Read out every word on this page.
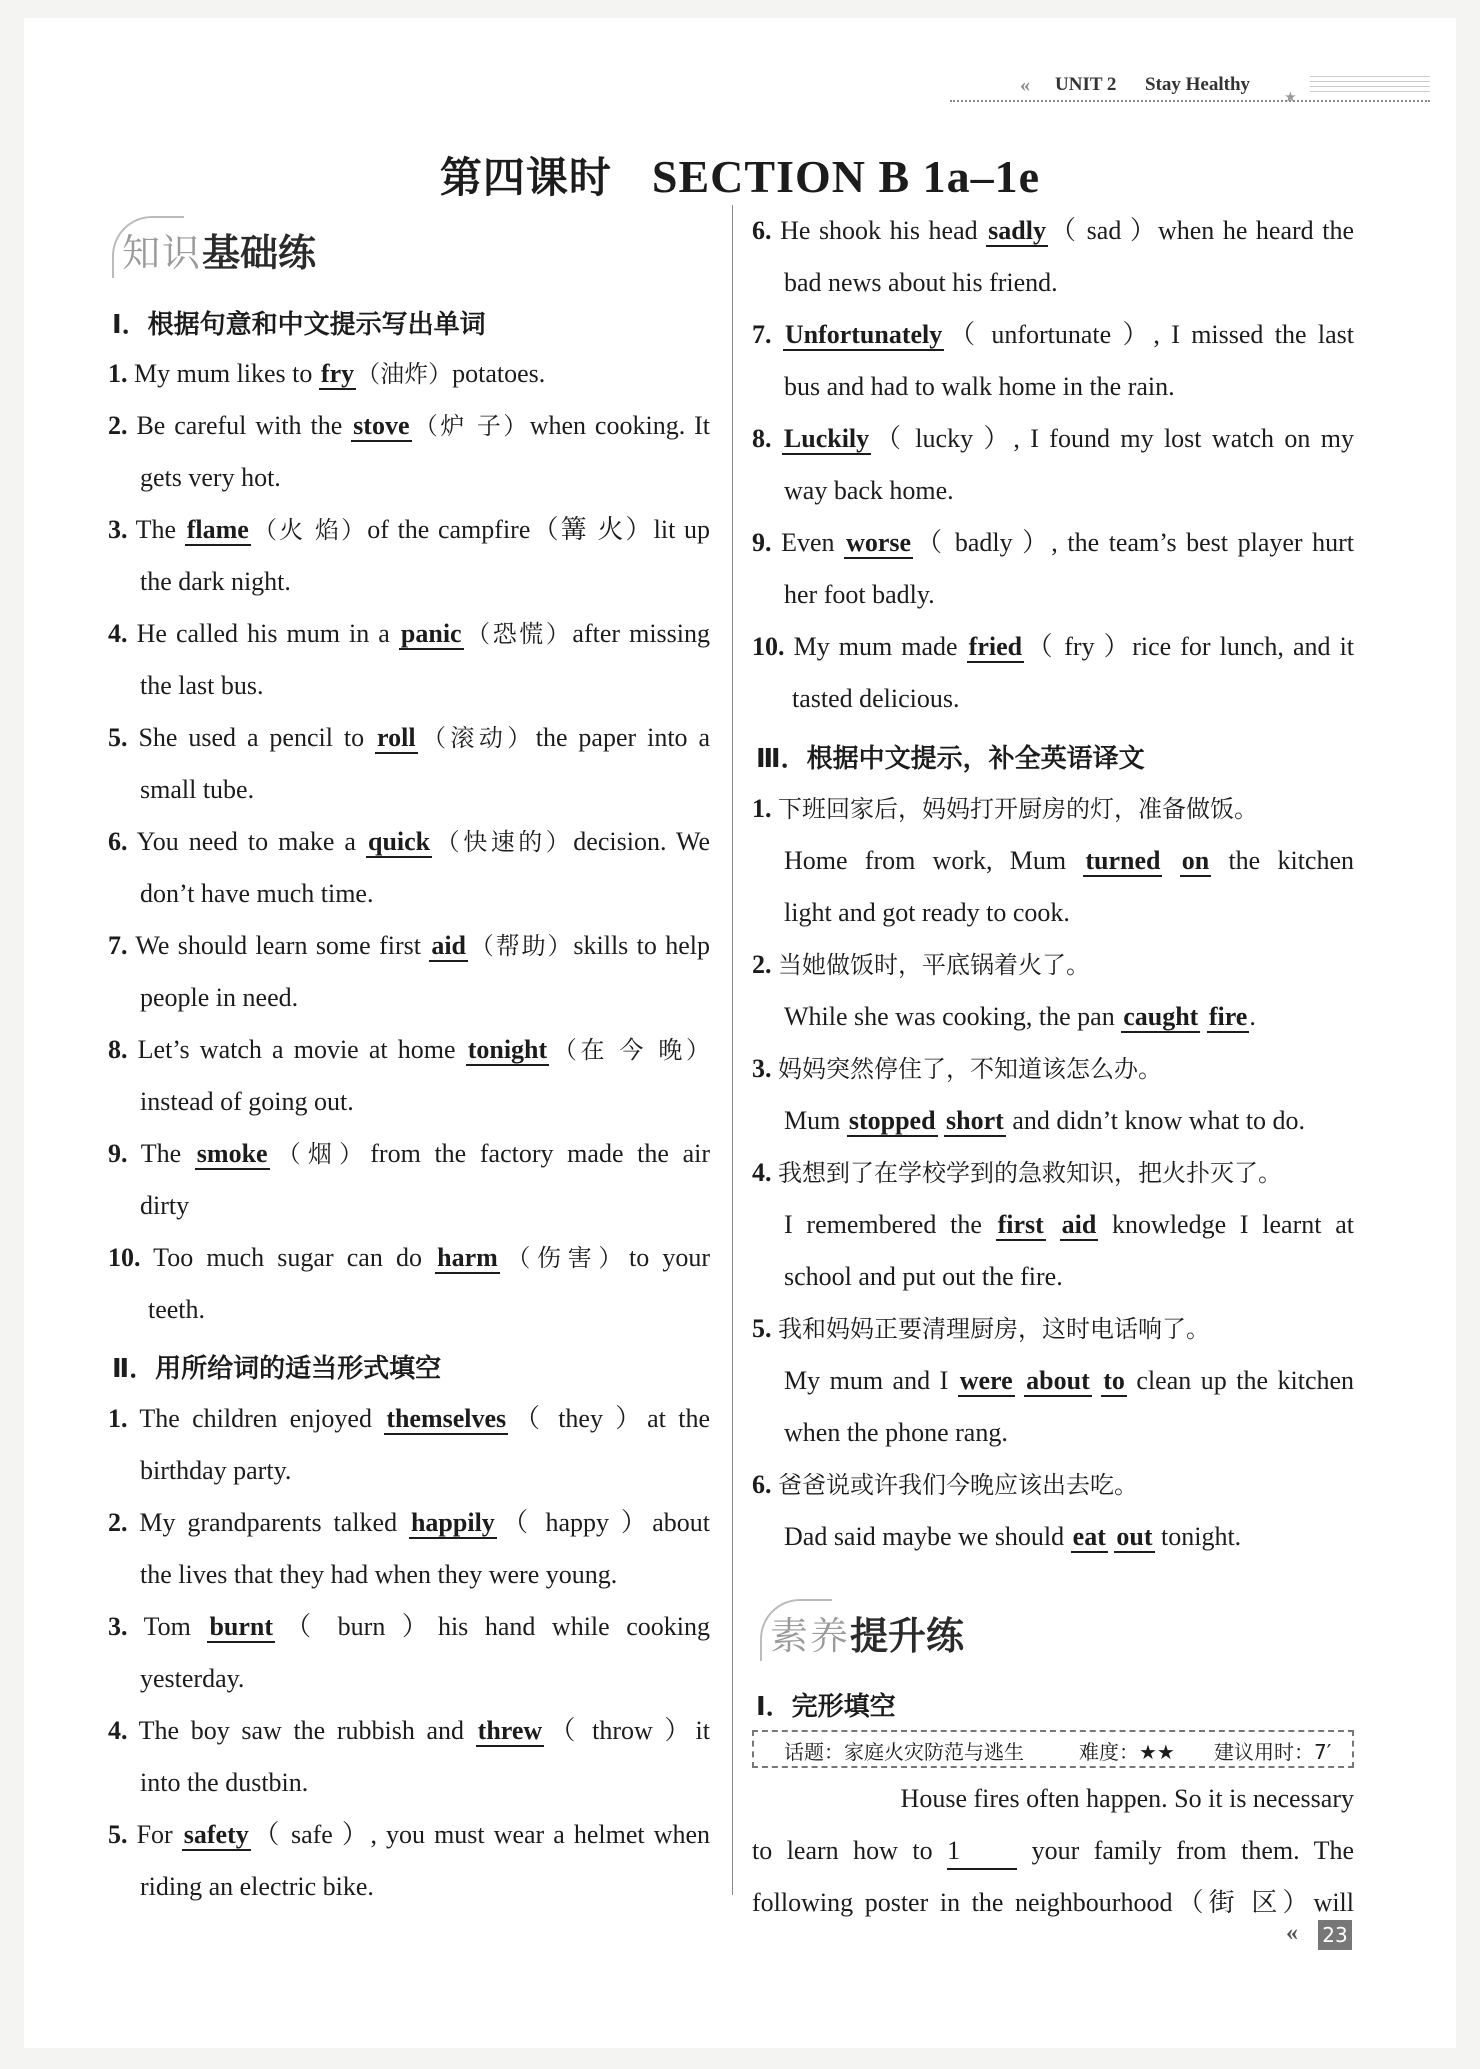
« UNIT 2 Stay Healthy
★
第四课时 SECTION B 1a–1e
知识基础练
Ⅰ．根据句意和中文提示写出单词
1. My mum likes to fry（油炸）potatoes.
2. Be careful with the stove（炉 子）when cooking. It
gets very hot.
3. The flame（火 焰）of the campfire（篝 火）lit up
the dark night.
4. He called his mum in a panic（恐慌）after missing
the last bus.
5. She used a pencil to roll（滚动）the paper into a
small tube.
6. You need to make a quick（快速的）decision. We
don’t have much time.
7. We should learn some first aid（帮助）skills to help
people in need.
8. Let’s watch a movie at home tonight（在 今 晚）
instead of going out.
9. The smoke（烟）from the factory made the air
dirty
10. Too much sugar can do harm（伤害）to your
teeth.
Ⅱ．用所给词的适当形式填空
1. The children enjoyed themselves（ they ）at the
birthday party.
2. My grandparents talked happily（ happy ）about
the lives that they had when they were young.
3. Tom burnt（ burn ）his hand while cooking
yesterday.
4. The boy saw the rubbish and threw（ throw ）it
into the dustbin.
5. For safety（ safe ）, you must wear a helmet when
riding an electric bike.
6. He shook his head sadly（ sad ）when he heard the
bad news about his friend.
7. Unfortunately（ unfortunate ）, I missed the last
bus and had to walk home in the rain.
8. Luckily（ lucky ）, I found my lost watch on my
way back home.
9. Even worse（ badly ）, the team’s best player hurt
her foot badly.
10. My mum made fried（ fry ）rice for lunch, and it
tasted delicious.
Ⅲ．根据中文提示，补全英语译文
1. 下班回家后，妈妈打开厨房的灯，准备做饭。
Home from work, Mum turned on the kitchen
light and got ready to cook.
2. 当她做饭时，平底锅着火了。
While she was cooking, the pan caught fire.
3. 妈妈突然停住了，不知道该怎么办。
Mum stopped short and didn’t know what to do.
4. 我想到了在学校学到的急救知识，把火扑灭了。
I remembered the first aid knowledge I learnt at
school and put out the fire.
5. 我和妈妈正要清理厨房，这时电话响了。
My mum and I were about to clean up the kitchen
when the phone rang.
6. 爸爸说或许我们今晚应该出去吃。
Dad said maybe we should eat out tonight.
素养提升练
Ⅰ．完形填空
话题：家庭火灾防范与逃生	难度：★★ 建议用时：7′
House fires often happen. So it is necessary
to learn how to 1	your family from them. The
following poster in the neighbourhood（街 区）will
« 23
